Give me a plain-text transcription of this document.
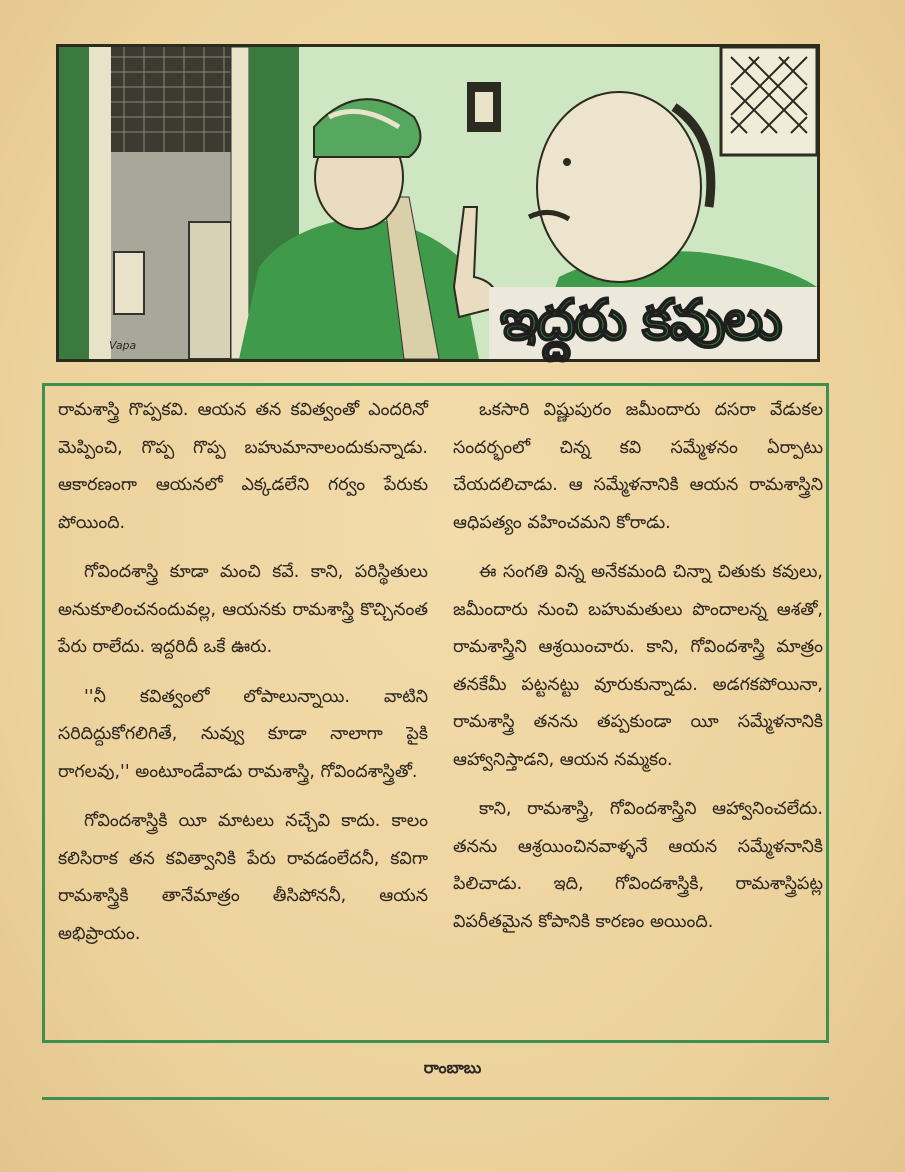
Vapa	ఇద్దరు కవులు

రామశాస్త్రి గొప్పకవి. ఆయన తన కవిత్వంతో ఎందరినో మెప్పించి, గొప్ప గొప్ప బహుమానాలందుకున్నాడు. ఆకారణంగా ఆయనలో ఎక్కడలేని గర్వం పేరుకు పోయింది.

గోవిందశాస్త్రి కూడా మంచి కవే. కాని, పరిస్థితులు అనుకూలించనందువల్ల, ఆయనకు రామశాస్త్రి కొచ్చినంత పేరు రాలేదు. ఇద్దరిదీ ఒకే ఊరు.

''నీ కవిత్వంలో లోపాలున్నాయి. వాటిని సరిదిద్దుకోగలిగితే, నువ్వు కూడా నాలాగా పైకి రాగలవు,'' అంటూండేవాడు రామశాస్త్రి, గోవిందశాస్త్రితో.

గోవిందశాస్త్రికి యీ మాటలు నచ్చేవి కాదు. కాలం కలిసిరాక తన కవిత్వానికి పేరు రావడంలేదనీ, కవిగా రామశాస్త్రికి తానేమాత్రం తీసిపోననీ, ఆయన అభిప్రాయం.

ఒకసారి విష్ణుపురం జమీందారు దసరా వేడుకల సందర్భంలో చిన్న కవి సమ్మేళనం ఏర్పాటు చేయదలిచాడు. ఆ సమ్మేళనానికి ఆయన రామశాస్త్రిని ఆధిపత్యం వహించమని కోరాడు.

ఈ సంగతి విన్న అనేకమంది చిన్నా చితుకు కవులు, జమీందారు నుంచి బహుమతులు పొందాలన్న ఆశతో, రామశాస్త్రిని ఆశ్రయించారు. కాని, గోవిందశాస్త్రి మాత్రం తనకేమీ పట్టనట్టు వూరుకున్నాడు. అడగకపోయినా, రామశాస్త్రి తనను తప్పకుండా యీ సమ్మేళనానికి ఆహ్వానిస్తాడని, ఆయన నమ్మకం.

కాని, రామశాస్త్రి, గోవిందశాస్త్రిని ఆహ్వానించలేదు. తనను ఆశ్రయించినవాళ్ళనే ఆయన సమ్మేళనానికి పిలిచాడు. ఇది, గోవిందశాస్త్రికి, రామశాస్త్రిపట్ల విపరీతమైన కోపానికి కారణం అయింది.

రాంబాబు
